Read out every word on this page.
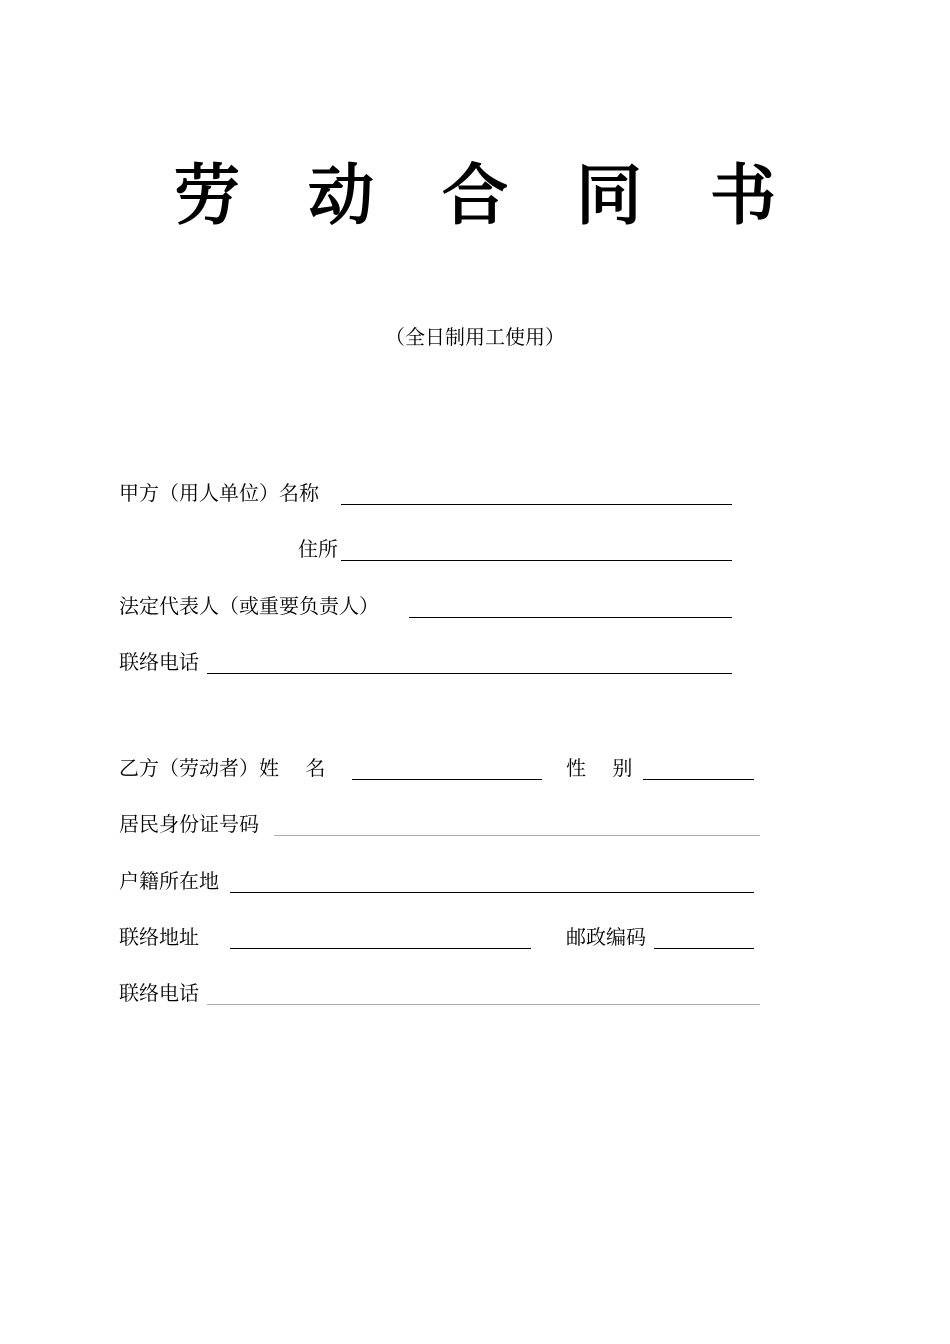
劳 动 合 同 书
（全日制用工使用）
甲方（用人单位）名称
住所
法定代表人（或重要负责人）
联络电话
乙方（劳动者）姓　 名	性　 别
居民身份证号码
户籍所在地
联络地址	邮政编码
联络电话
